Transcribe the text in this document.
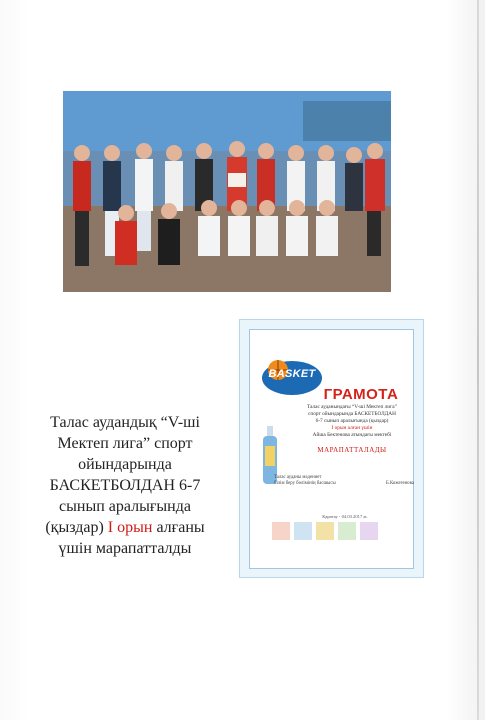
Талас аудандық “V-ші
Мектеп лига” спорт
ойындарында
БАСКЕТБОЛДАН 6-7
сынып аралығында
(қыздар) I орын алғаны
үшін марапатталды
BASKET
ГРАМОТА
Талас ауданындағы “V-ші Мектеп лига”
спорт ойындарында БАСКЕТБОЛДАН
6-7 сынып аралығында (қыздар)
I орын алған үшін
Айша Бектенова атындағы мектебі
МАРАПАТТАЛАДЫ
Талас ауданы мәдениет
білім беру бөлімінің басшысы	Б.Кожегенова
Қаратау - 04.03.2017 ж.
